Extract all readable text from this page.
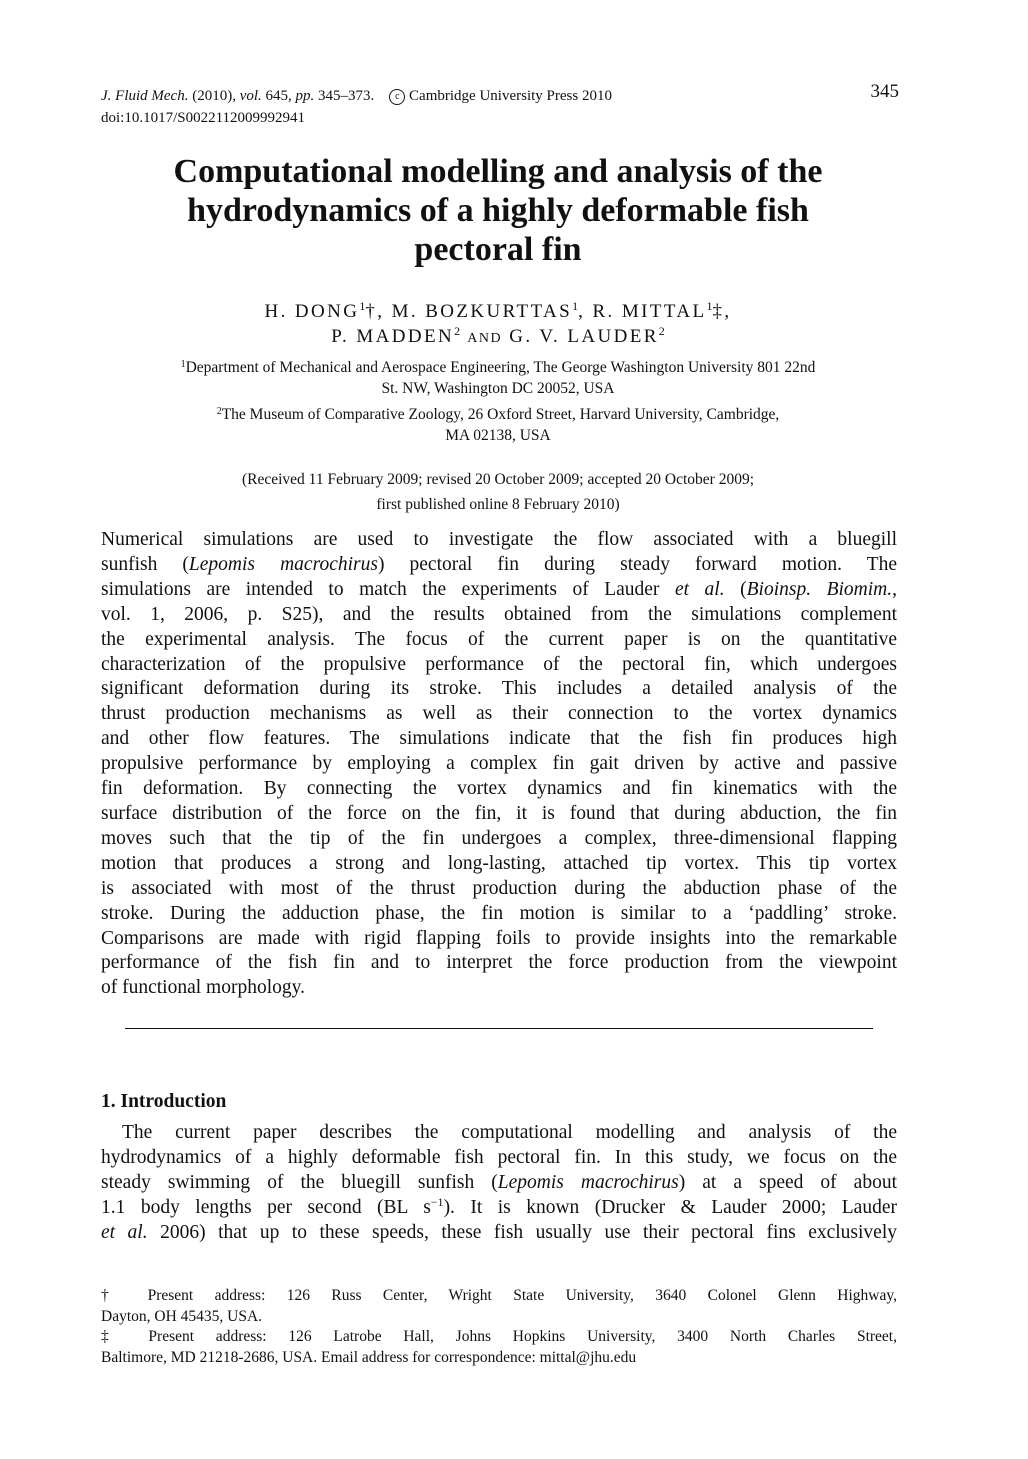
J. Fluid Mech. (2010), vol. 645, pp. 345–373. c Cambridge University Press 2010
doi:10.1017/S0022112009992941
345
Computational modelling and analysis of the
hydrodynamics of a highly deformable fish
pectoral fin
H. DONG$^1$†, M. BOZKURTTAS$^1$, R. MITTAL$^1$‡,
P. MADDEN$^2$ AND G. V. LAUDER$^2$
$^1$Department of Mechanical and Aerospace Engineering, The George Washington University 801 22nd
St. NW, Washington DC 20052, USA
$^2$The Museum of Comparative Zoology, 26 Oxford Street, Harvard University, Cambridge,
MA 02138, USA
(Received 11 February 2009; revised 20 October 2009; accepted 20 October 2009;
first published online 8 February 2010)
Numerical simulations are used to investigate the flow associated with a bluegill
sunfish (Lepomis macrochirus) pectoral fin during steady forward motion. The
simulations are intended to match the experiments of Lauder et al. (Bioinsp. Biomim.,
vol. 1, 2006, p. S25), and the results obtained from the simulations complement
the experimental analysis. The focus of the current paper is on the quantitative
characterization of the propulsive performance of the pectoral fin, which undergoes
significant deformation during its stroke. This includes a detailed analysis of the
thrust production mechanisms as well as their connection to the vortex dynamics
and other flow features. The simulations indicate that the fish fin produces high
propulsive performance by employing a complex fin gait driven by active and passive
fin deformation. By connecting the vortex dynamics and fin kinematics with the
surface distribution of the force on the fin, it is found that during abduction, the fin
moves such that the tip of the fin undergoes a complex, three-dimensional flapping
motion that produces a strong and long-lasting, attached tip vortex. This tip vortex
is associated with most of the thrust production during the abduction phase of the
stroke. During the adduction phase, the fin motion is similar to a ‘paddling’ stroke.
Comparisons are made with rigid flapping foils to provide insights into the remarkable
performance of the fish fin and to interpret the force production from the viewpoint
of functional morphology.
1. Introduction
The current paper describes the computational modelling and analysis of the
hydrodynamics of a highly deformable fish pectoral fin. In this study, we focus on the
steady swimming of the bluegill sunfish (Lepomis macrochirus) at a speed of about
1.1 body lengths per second (BL $s^{-1}$). It is known (Drucker & Lauder 2000; Lauder
et al. 2006) that up to these speeds, these fish usually use their pectoral fins exclusively
† Present address: 126 Russ Center, Wright State University, 3640 Colonel Glenn Highway,
Dayton, OH 45435, USA.
‡ Present address: 126 Latrobe Hall, Johns Hopkins University, 3400 North Charles Street,
Baltimore, MD 21218-2686, USA. Email address for correspondence: mittal@jhu.edu
